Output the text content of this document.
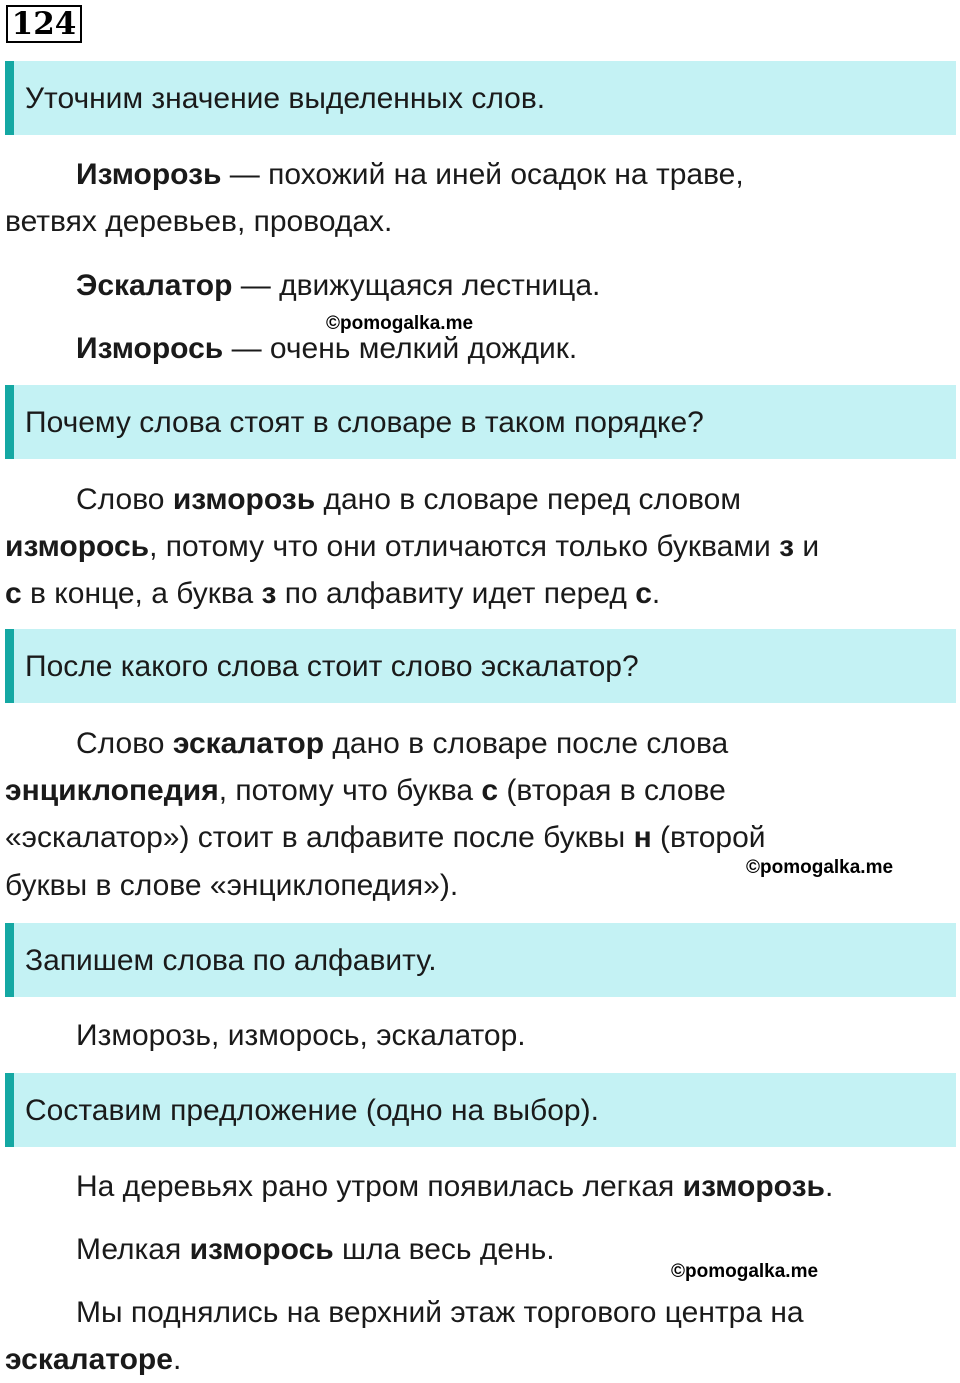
124
Уточним значение выделенных слов.
Изморозь — похожий на иней осадок на траве,
ветвях деревьев, проводах.
Эскалатор — движущаяся лестница.
©pomogalka.me
Изморось — очень мелкий дождик.
Почему слова стоят в словаре в таком порядке?
Слово изморозь дано в словаре перед словом
изморось, потому что они отличаются только буквами з и
с в конце, а буква з по алфавиту идет перед с.
После какого слова стоит слово эскалатор?
Слово эскалатор дано в словаре после слова
энциклопедия, потому что буква с (вторая в слове
«эскалатор») стоит в алфавите после буквы н (второй
©pomogalka.me
буквы в слове «энциклопедия»).
Запишем слова по алфавиту.
Изморозь, изморось, эскалатор.
Составим предложение (одно на выбор).
На деревьях рано утром появилась легкая изморозь.
Мелкая изморось шла весь день.
©pomogalka.me
Мы поднялись на верхний этаж торгового центра на
эскалаторе.
